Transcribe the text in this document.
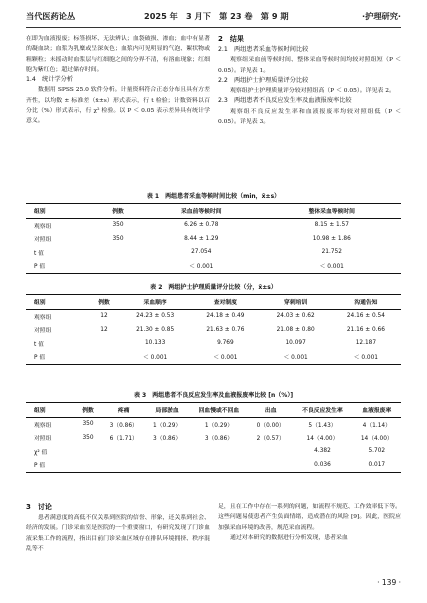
当代医药论丛	2025 年　3 月下　第 23 卷　第 9 期	·护理研究·

在即为血液报废；标签损坏、无法辨认；血袋破损、渗血；血中有显著的凝血块；血浆为乳糜或呈深灰色；血浆内可见明显的气泡、絮状物或粗颗粒；未摇动时血浆层与红细胞之间的分界不清，有溶血现象；红细胞为紫红色；超过储存时间。

1.4　统计学分析

数据用 SPSS 25.0 软件分析。计量资料符合正态分布且具有方差齐性，以均数 ± 标准差（x̄±s）形式表示，行 t 检验；计数资料以百分比（%）形式表示，行 χ² 检验。以 P ＜ 0.05 表示差异具有统计学意义。

2　结果

2.1　两组患者采血等候时间比较

观察组采血前等候时间、整体采血等候时间均较对照组短（P ＜ 0.05）。详见表 1。

2.2　两组护士护理质量评分比较

观察组护士护理质量评分较对照组高（P ＜ 0.05）。详见表 2。

2.3　两组患者不良反应发生率及血液报废率比较

观察组不良反应发生率和血液报废率均较对照组低（P ＜ 0.05）。详见表 3。

表 1　两组患者采血等候时间比较（min，x̄±s）
组别	例数	采血前等候时间	整体采血等候时间
观察组	350	6.26 ± 0.78	8.15 ± 1.57
对照组	350	8.44 ± 1.29	10.98 ± 1.86
t 值		27.054	21.752
P 值		＜ 0.001	＜ 0.001
表 2　两组护士护理质量评分比较（分，x̄±s）
组别	例数	采血顺序	查对制度	穿刺培训	沟通告知
观察组	12	24.23 ± 0.53	24.18 ± 0.49	24.03 ± 0.62	24.16 ± 0.54
对照组	12	21.30 ± 0.85	21.63 ± 0.76	21.08 ± 0.80	21.16 ± 0.66
t 值		10.133	9.769	10.097	12.187
P 值		＜ 0.001	＜ 0.001	＜ 0.001	＜ 0.001
表 3　两组患者不良反应发生率及血液报废率比较 [n（%）]
组别	例数	疼痛	局部淤血	回血慢或不回血	出血	不良反应发生率	血液报废率
观察组	350	3（0.86）	1（0.29）	1（0.29）	0（0.00）	5（1.43）	4（1.14）
对照组	350	6（1.71）	3（0.86）	3（0.86）	2（0.57）	14（4.00）	14（4.00）
χ² 值						4.382	5.702
P 值						0.036	0.017

3　讨论

患者满意度的高低不仅关系到医院的信誉、形象，还关系到社会、经济的发展。门诊采血室是医院的一个重要窗口，有研究发现了门诊血液采集工作的流程，指出目前门诊采血区域存在排队环境拥挤、秩序混乱等不

足，且在工作中存在一系列的问题，如流程不规范、工作效率低下等。这些问题易使患者产生负面情绪，造成潜在的风险 [9]。因此，医院应加强采血环境的改善，规范采血流程。

通过对本研究的数据进行分析发现，患者采血

· 139 ·
